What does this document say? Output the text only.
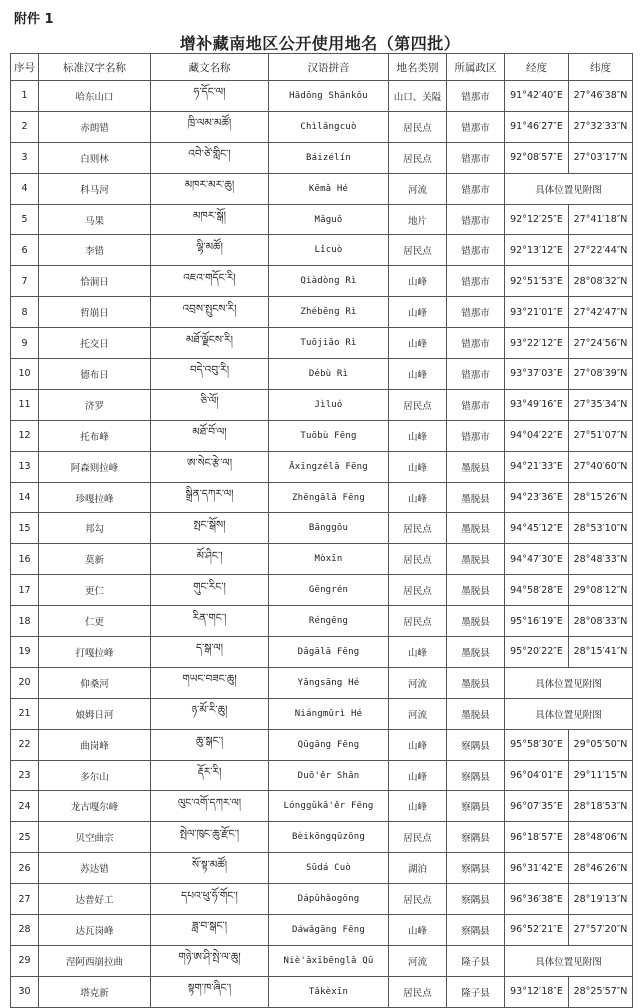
附件 1
增补藏南地区公开使用地名（第四批）
序号	标准汉字名称	藏文名称	汉语拼音	地名类别	所属政区	经度	纬度
1	哈东山口	ཧ་དོང་ལ།	Hādōng Shānkǒu	山口、关隘	错那市	91°42′40″E	27°46′38″N
2	赤朗错	ཁྲི་ལམ་མཚོ།	Chìlǎngcuò	居民点	错那市	91°46′27″E	27°32′33″N
3	白则林	འབེ་ཙེ་གླིང་།	Báizélín	居民点	错那市	92°08′57″E	27°03′17″N
4	科马河	མཁར་མར་ཆུ།	Kēmǎ Hé	河流	错那市	具体位置见附图	
5	马果	མཁར་སྒོ།	Mǎguǒ	地片	错那市	92°12′25″E	27°41′18″N
6	李错	ལྷི་མཚོ།	Lǐcuò	居民点	错那市	92°13′12″E	27°22′44″N
7	恰洞日	འཇའ་གདོང་རི།	Qiàdòng Rì	山峰	错那市	92°51′53″E	28°08′32″N
8	哲崩日	འབྲས་སྤུངས་རི།	Zhébēng Rì	山峰	错那市	93°21′01″E	27°42′47″N
9	托交日	མཐོ་ལྗོངས་རི།	Tuōjiāo Rì	山峰	错那市	93°22′12″E	27°24′56″N
10	德布日	བདེ་འབུ་རི།	Débù Rì	山峰	错那市	93°37′03″E	27°08′39″N
11	济罗	ཅི་ལོ།	Jìluó	居民点	错那市	93°49′16″E	27°35′34″N
12	托布峰	མཐོ་བོ་ལ།	Tuōbù Fēng	山峰	错那市	94°04′22″E	27°51′07″N
13	阿森则拉峰	ཨ་སེང་རྩེ་ལ།	Āxīngzélā Fēng	山峰	墨脱县	94°21′33″E	27°40′60″N
14	珍嘎拉峰	སྒྲིན་དཀར་ལ།	Zhēngālā Fēng	山峰	墨脱县	94°23′36″E	28°15′26″N
15	邦勾	སྤང་སྒོས།	Bānggōu	居民点	墨脱县	94°45′12″E	28°53′10″N
16	莫新	མོ་ཤིང་།	Mòxīn	居民点	墨脱县	94°47′30″E	28°48′33″N
17	更仁	གུང་རིང་།	Gēngrén	居民点	墨脱县	94°58′28″E	29°08′12″N
18	仁更	རིན་གང་།	Réngēng	居民点	墨脱县	95°16′19″E	28°08′33″N
19	打嘎拉峰	ད་སྒ་ལ།	Dǎgālā Fēng	山峰	墨脱县	95°20′22″E	28°15′41″N
20	仰桑河	གཡང་བཟང་ཆུ།	Yǎngsāng Hé	河流	墨脱县	具体位置见附图	
21	娘姆日河	ཉ་མོ་རི་ཆུ།	Niángmǔrì Hé	河流	墨脱县	具体位置见附图	
22	曲岗峰	ཆུ་སྒང་།	Qūgāng Fēng	山峰	察隅县	95°58′30″E	29°05′50″N
23	多尔山	རྡོར་རི།	Duō'ěr Shān	山峰	察隅县	96°04′01″E	29°11′15″N
24	龙古嘎尔峰	ལུང་འགོ་དཀར་ལ།	Lónggǔkā'ěr Fēng	山峰	察隅县	96°07′35″E	28°18′53″N
25	贝空曲宗	སྤེལ་ཁུང་ཆུ་རྫོང་།	Bèikōngqūzōng	居民点	察隅县	96°18′57″E	28°48′06″N
26	苏达错	སོ་སྟ་མཚོ།	Sūdá Cuò	湖泊	察隅县	96°31′42″E	28°46′26″N
27	达普好工	དཔའ་ཕུ་ཧོ་གོང་།	Dápǔhǎogōng	居民点	察隅县	96°36′38″E	28°19′13″N
28	达瓦岗峰	ཟླ་བ་སྒང་།	Dáwǎgāng Fēng	山峰	察隅县	96°52′21″E	27°57′20″N
29	涅阿西崩拉曲	གཉེ་ཨ་ཤི་སྤེ་ལ་ཆུ།	Niè'āxībēnglā Qū	河流	隆子县	具体位置见附图	
30	塔克新	སྟག་ཁ་ཞིང་།	Tǎkèxīn	居民点	隆子县	93°12′18″E	28°25′57″N
